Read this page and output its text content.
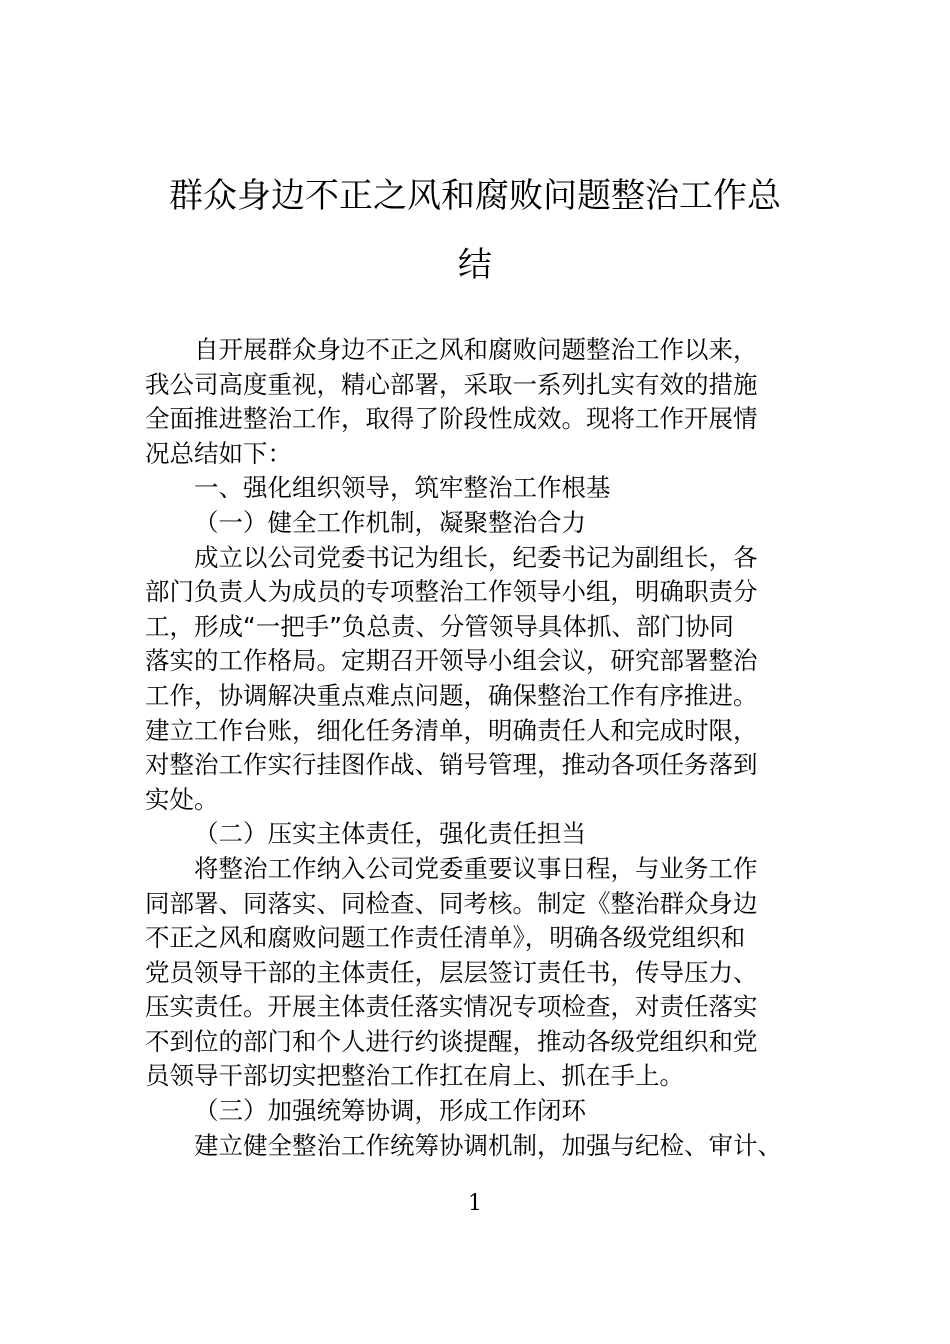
群众身边不正之风和腐败问题整治工作总
结
自开展群众身边不正之风和腐败问题整治工作以来，
我公司高度重视，精心部署，采取一系列扎实有效的措施
全面推进整治工作，取得了阶段性成效。现将工作开展情
况总结如下：
一、强化组织领导，筑牢整治工作根基
（一）健全工作机制，凝聚整治合力
成立以公司党委书记为组长，纪委书记为副组长，各
部门负责人为成员的专项整治工作领导小组，明确职责分
工，形成“一把手”负总责、分管领导具体抓、部门协同
落实的工作格局。定期召开领导小组会议，研究部署整治
工作，协调解决重点难点问题，确保整治工作有序推进。
建立工作台账，细化任务清单，明确责任人和完成时限，
对整治工作实行挂图作战、销号管理，推动各项任务落到
实处。
（二）压实主体责任，强化责任担当
将整治工作纳入公司党委重要议事日程，与业务工作
同部署、同落实、同检查、同考核。制定《整治群众身边
不正之风和腐败问题工作责任清单》，明确各级党组织和
党员领导干部的主体责任，层层签订责任书，传导压力、
压实责任。开展主体责任落实情况专项检查，对责任落实
不到位的部门和个人进行约谈提醒，推动各级党组织和党
员领导干部切实把整治工作扛在肩上、抓在手上。
（三）加强统筹协调，形成工作闭环
建立健全整治工作统筹协调机制，加强与纪检、审计、
1
